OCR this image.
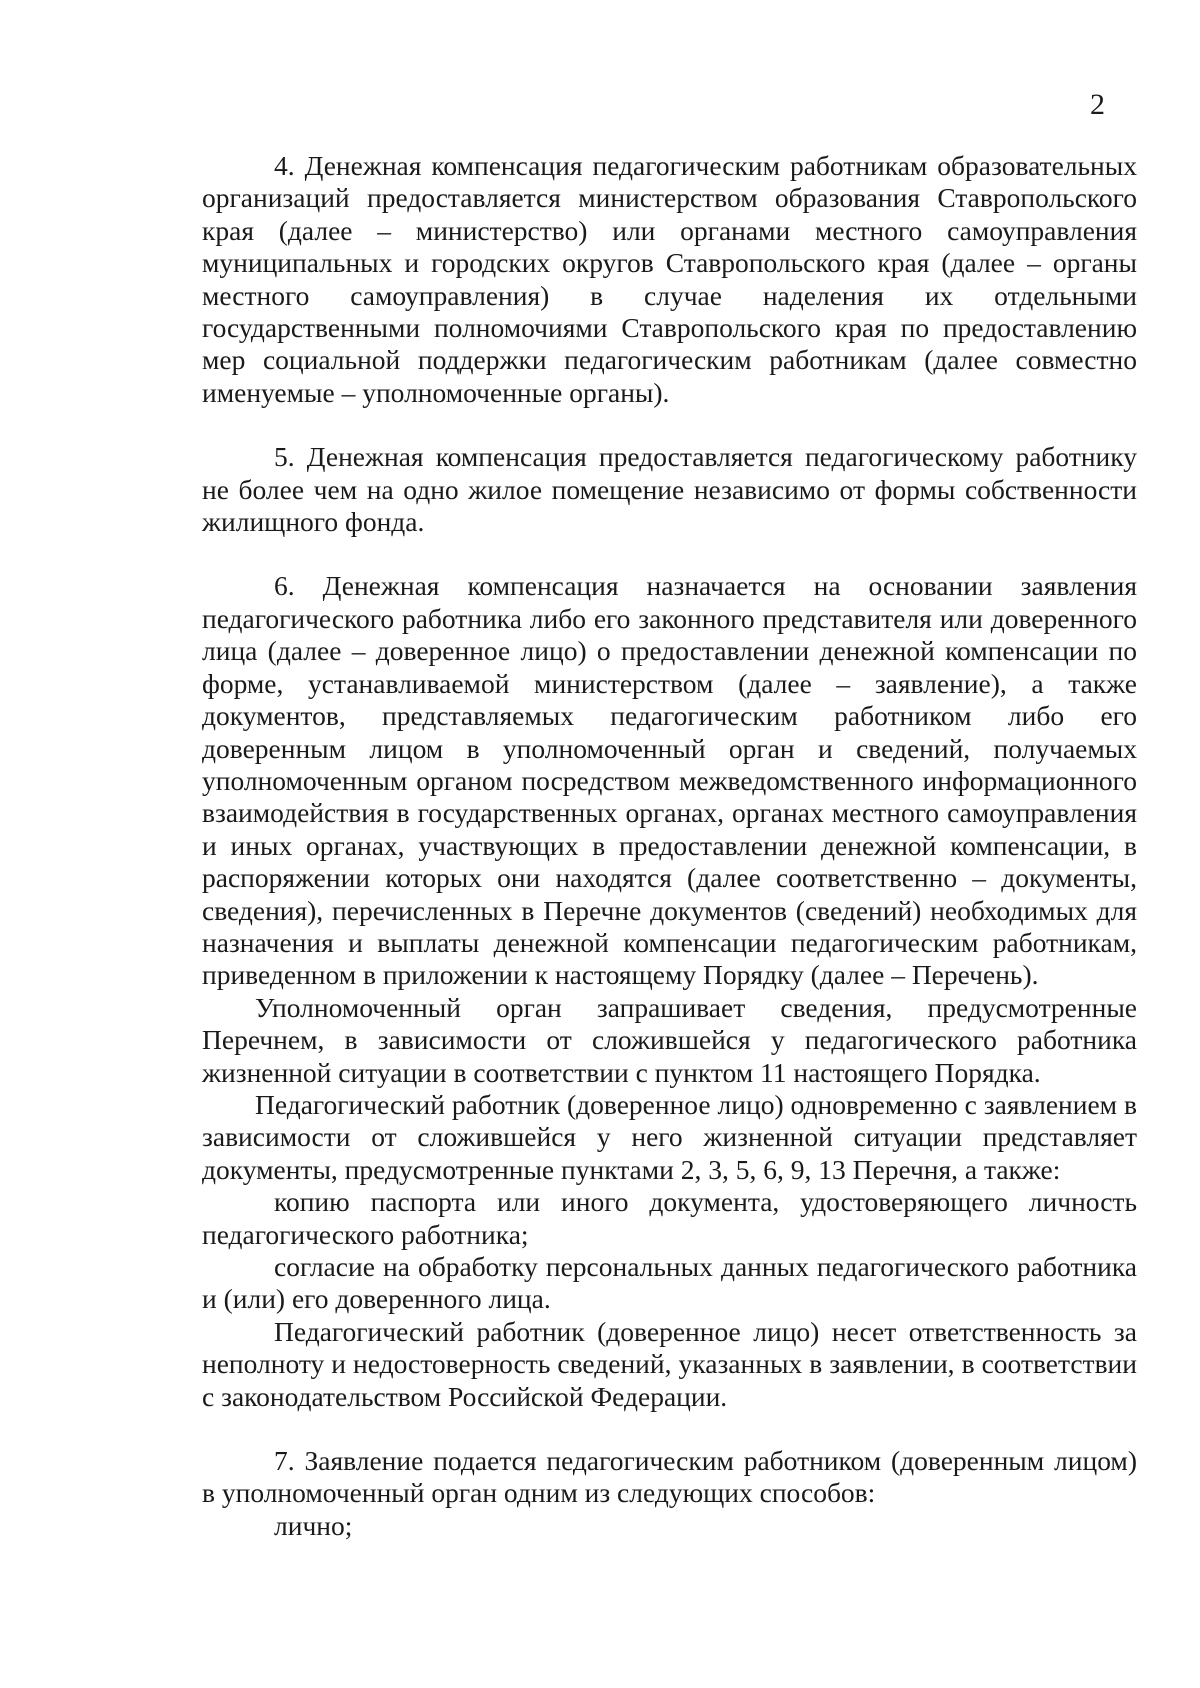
2

4. Денежная компенсация педагогическим работникам образовательных организаций предоставляется министерством образования Ставропольского края (далее – министерство) или органами местного самоуправления муниципальных и городских округов Ставропольского края (далее – органы местного самоуправления) в случае наделения их отдельными государственными полномочиями Ставропольского края по предоставлению мер социальной поддержки педагогическим работникам (далее совместно именуемые – уполномоченные органы).

5. Денежная компенсация предоставляется педагогическому работнику не более чем на одно жилое помещение независимо от формы собственности жилищного фонда.

6. Денежная компенсация назначается на основании заявления педагогического работника либо его законного представителя или доверенного лица (далее – доверенное лицо) о предоставлении денежной компенсации по форме, устанавливаемой министерством (далее – заявление), а также документов, представляемых педагогическим работником либо его доверенным лицом в уполномоченный орган и сведений, получаемых уполномоченным органом посредством межведомственного информационного взаимодействия в государственных органах, органах местного самоуправления и иных органах, участвующих в предоставлении денежной компенсации, в распоряжении которых они находятся (далее соответственно – документы, сведения), перечисленных в Перечне документов (сведений) необходимых для назначения и выплаты денежной компенсации педагогическим работникам, приведенном в приложении к настоящему Порядку (далее – Перечень).

Уполномоченный орган запрашивает сведения, предусмотренные Перечнем, в зависимости от сложившейся у педагогического работника жизненной ситуации в соответствии с пунктом 11 настоящего Порядка.

Педагогический работник (доверенное лицо) одновременно с заявлением в зависимости от сложившейся у него жизненной ситуации представляет документы, предусмотренные пунктами 2, 3, 5, 6, 9, 13 Перечня, а также:

копию паспорта или иного документа, удостоверяющего личность педагогического работника;

согласие на обработку персональных данных педагогического работника и (или) его доверенного лица.

Педагогический работник (доверенное лицо) несет ответственность за неполноту и недостоверность сведений, указанных в заявлении, в соответствии с законодательством Российской Федерации.

7. Заявление подается педагогическим работником (доверенным лицом) в уполномоченный орган одним из следующих способов:

лично;
